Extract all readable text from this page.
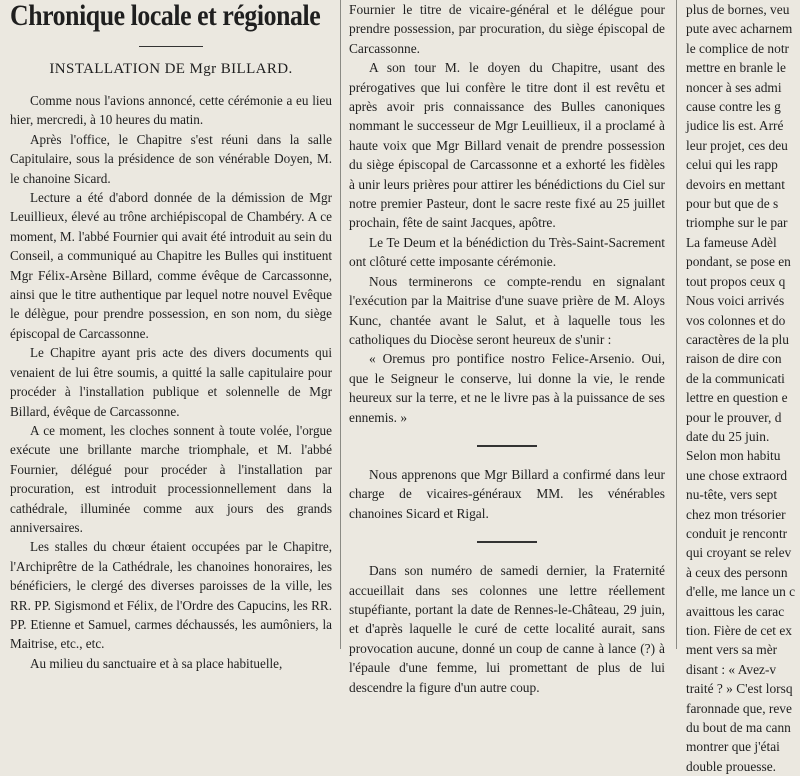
Chronique locale et régionale
INSTALLATION DE Mgr BILLARD.

Comme nous l'avions annoncé, cette cérémonie a eu lieu hier, mercredi, à 10 heures du matin.

Après l'office, le Chapitre s'est réuni dans la salle Capitulaire, sous la présidence de son vénérable Doyen, M. le chanoine Sicard.

Lecture a été d'abord donnée de la démission de Mgr Leuillieux, élevé au trône archiépiscopal de Chambéry. A ce moment, M. l'abbé Fournier qui avait été introduit au sein du Conseil, a communiqué au Chapitre les Bulles qui instituent Mgr Félix-Arsène Billard, comme évêque de Carcassonne, ainsi que le titre authentique par lequel notre nouvel Evêque le délègue, pour prendre possession, en son nom, du siège épiscopal de Carcassonne.

Le Chapitre ayant pris acte des divers documents qui venaient de lui être soumis, a quitté la salle capitulaire pour procéder à l'installation publique et solennelle de Mgr Billard, évêque de Carcassonne.

A ce moment, les cloches sonnent à toute volée, l'orgue exécute une brillante marche triomphale, et M. l'abbé Fournier, délégué pour procéder à l'installation par procuration, est introduit processionnellement dans la cathédrale, illuminée comme aux jours des grands anniversaires.

Les stalles du chœur étaient occupées par le Chapitre, l'Archiprêtre de la Cathédrale, les chanoines honoraires, les bénéficiers, le clergé des diverses paroisses de la ville, les RR. PP. Sigismond et Félix, de l'Ordre des Capucins, les RR. PP. Etienne et Samuel, carmes déchaussés, les aumôniers, la Maitrise, etc., etc.

Au milieu du sanctuaire et à sa place habituelle,

Fournier le titre de vicaire-général et le délégue pour prendre possession, par procuration, du siège épiscopal de Carcassonne.

A son tour M. le doyen du Chapitre, usant des prérogatives que lui confère le titre dont il est revêtu et après avoir pris connaissance des Bulles canoniques nommant le successeur de Mgr Leuillieux, il a proclamé à haute voix que Mgr Billard venait de prendre possession du siège épiscopal de Carcassonne et a exhorté les fidèles à unir leurs prières pour attirer les bénédictions du Ciel sur notre premier Pasteur, dont le sacre reste fixé au 25 juillet prochain, fête de saint Jacques, apôtre.

Le Te Deum et la bénédiction du Très-Saint-Sacrement ont clôturé cette imposante cérémonie.

Nous terminerons ce compte-rendu en signalant l'exécution par la Maitrise d'une suave prière de M. Aloys Kunc, chantée avant le Salut, et à laquelle tous les catholiques du Diocèse seront heureux de s'unir :

« Oremus pro pontifice nostro Felice-Arsenio. Oui, que le Seigneur le conserve, lui donne la vie, le rende heureux sur la terre, et ne le livre pas à la puissance de ses ennemis. »

Nous apprenons que Mgr Billard a confirmé dans leur charge de vicaires-généraux MM. les vénérables chanoines Sicard et Rigal.

Dans son numéro de samedi dernier, la Fraternité accueillait dans ses colonnes une lettre réellement stupéfiante, portant la date de Rennes-le-Château, 29 juin, et d'après laquelle le curé de cette localité aurait, sans provocation aucune, donné un coup de canne à lance (?) à l'épaule d'une femme, lui promettant de plus de lui descendre la figure d'un autre coup.

plus de bornes, veu

pute avec acharnem

le complice de notr

mettre en branle le

noncer à ses admi

cause contre les g

judice lis est. Arré

leur projet, ces deu

celui qui les rapp

devoirs en mettant

pour but que de s

triomphe sur le par

La fameuse Adèl

pondant, se pose en

tout propos ceux q

Nous voici arrivés

vos colonnes et do

caractères de la plu

raison de dire con

de la communicati

lettre en question e

pour le prouver, d

date du 25 juin.

Selon mon habitu

une chose extraord

nu-tête, vers sept

chez mon trésorier

conduit je rencontr

qui croyant se relev

à ceux des personn

d'elle, me lance un c

avaittous les carac

tion. Fière de cet ex

ment vers sa mèr

disant : « Avez-v

traité ? » C'est lorsq

faronnade que, reve

du bout de ma cann

montrer que j'étai

double prouesse.
